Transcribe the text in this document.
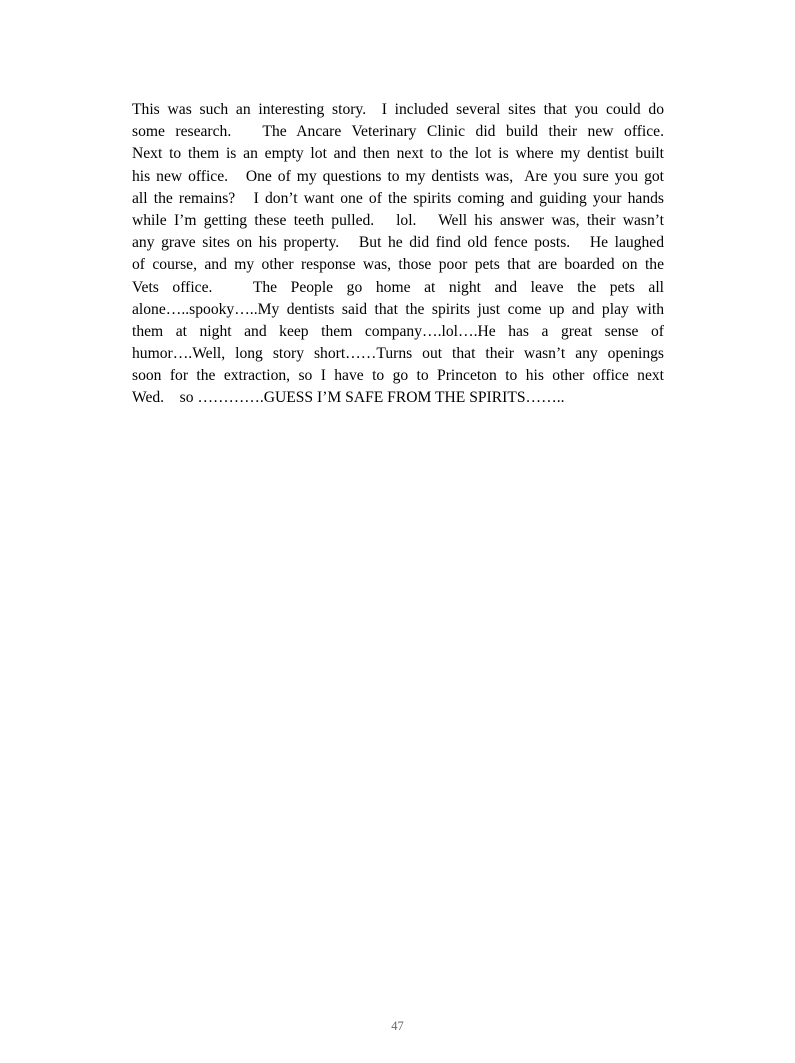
This was such an interesting story.  I included several sites that you could do
some research.   The Ancare Veterinary Clinic did build their new office.
Next to them is an empty lot and then next to the lot is where my dentist built
his new office.   One of my questions to my dentists was,  Are you sure you got
all the remains?   I don’t want one of the spirits coming and guiding your hands
while I’m getting these teeth pulled.   lol.   Well his answer was, their wasn’t
any grave sites on his property.   But he did find old fence posts.   He laughed
of course, and my other response was, those poor pets that are boarded on the
Vets office.   The People go home at night and leave the pets all
alone…..spooky…..My dentists said that the spirits just come up and play with
them at night and keep them company….lol….He has a great sense of
humor….Well, long story short……Turns out that their wasn’t any openings
soon for the extraction, so I have to go to Princeton to his other office next
Wed.    so ………….GUESS I’M SAFE FROM THE SPIRITS……..
47
